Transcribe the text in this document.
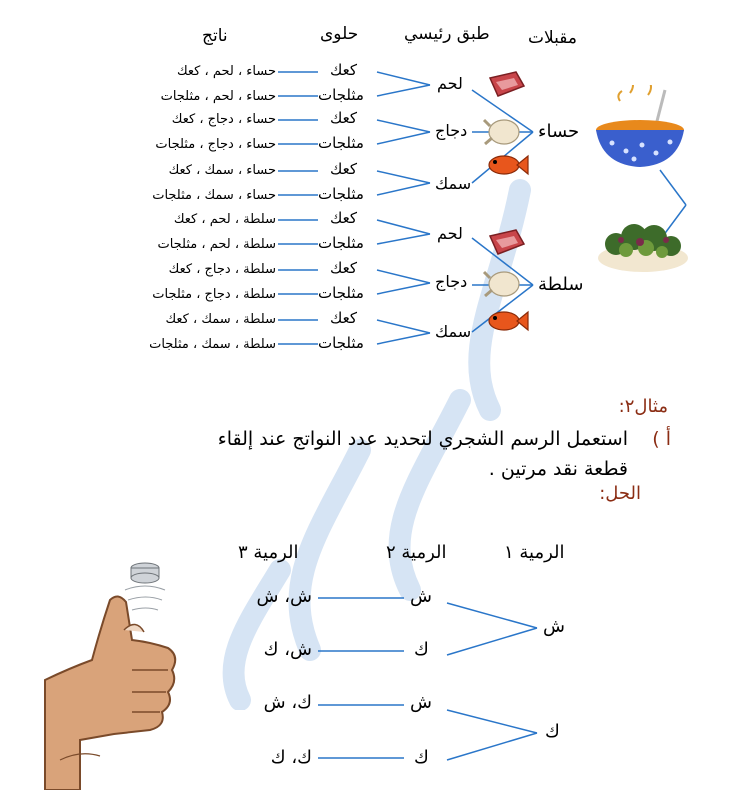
مقبلات
طبق رئيسي
حلوى
ناتج
حساء
سلطة
لحم
دجاج
سمك
لحم
دجاج
سمك
كعك
مثلجات
كعك
مثلجات
كعك
مثلجات
كعك
مثلجات
كعك
مثلجات
كعك
مثلجات
حساء ، لحم ، كعك
حساء ، لحم ، مثلجات
حساء ، دجاج ، كعك
حساء ، دجاج ، مثلجات
حساء ، سمك ، كعك
حساء ، سمك ، مثلجات
سلطة ، لحم ، كعك
سلطة ، لحم ، مثلجات
سلطة ، دجاج ، كعك
سلطة ، دجاج ، مثلجات
سلطة ، سمك ، كعك
سلطة ، سمك ، مثلجات
مثال٢:
أ )
استعمل الرسم الشجري لتحديد عدد النواتج عند إلقاء
قطعة نقد مرتين .
الحل:
الرمية ١
الرمية ٢
الرمية ٣
ش
ك
ش
ك
ش
ك
ش، ش
ش، ك
ك، ش
ك، ك
